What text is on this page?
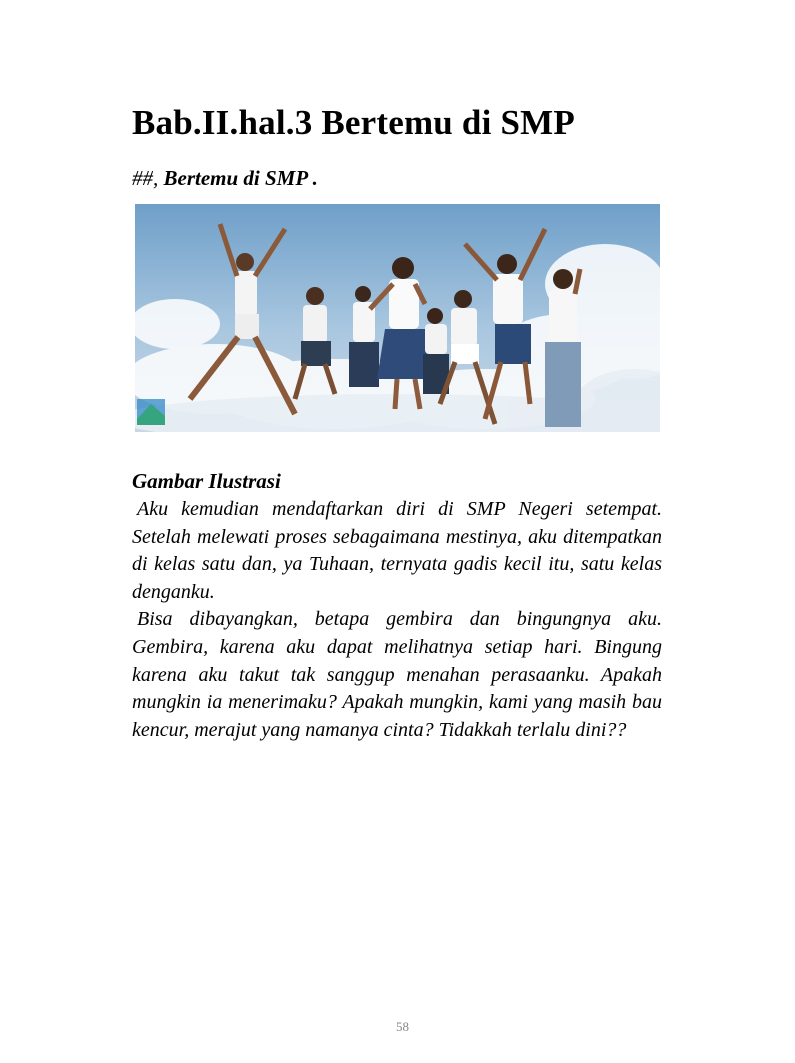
Bab.II.hal.3 Bertemu di SMP
##, Bertemu di SMP .
Gambar Ilustrasi

Aku kemudian mendaftarkan diri di SMP Negeri setempat. Setelah melewati proses sebagaimana mestinya, aku ditempatkan di kelas satu dan, ya Tuhaan, ternyata gadis kecil itu, satu kelas denganku.

Bisa dibayangkan, betapa gembira dan bingungnya aku. Gembira, karena aku dapat melihatnya setiap hari. Bingung karena aku takut tak sanggup menahan perasaanku. Apakah mungkin ia menerimaku? Apakah mungkin, kami yang masih bau kencur, merajut yang namanya cinta? Tidakkah terlalu dini??

58
